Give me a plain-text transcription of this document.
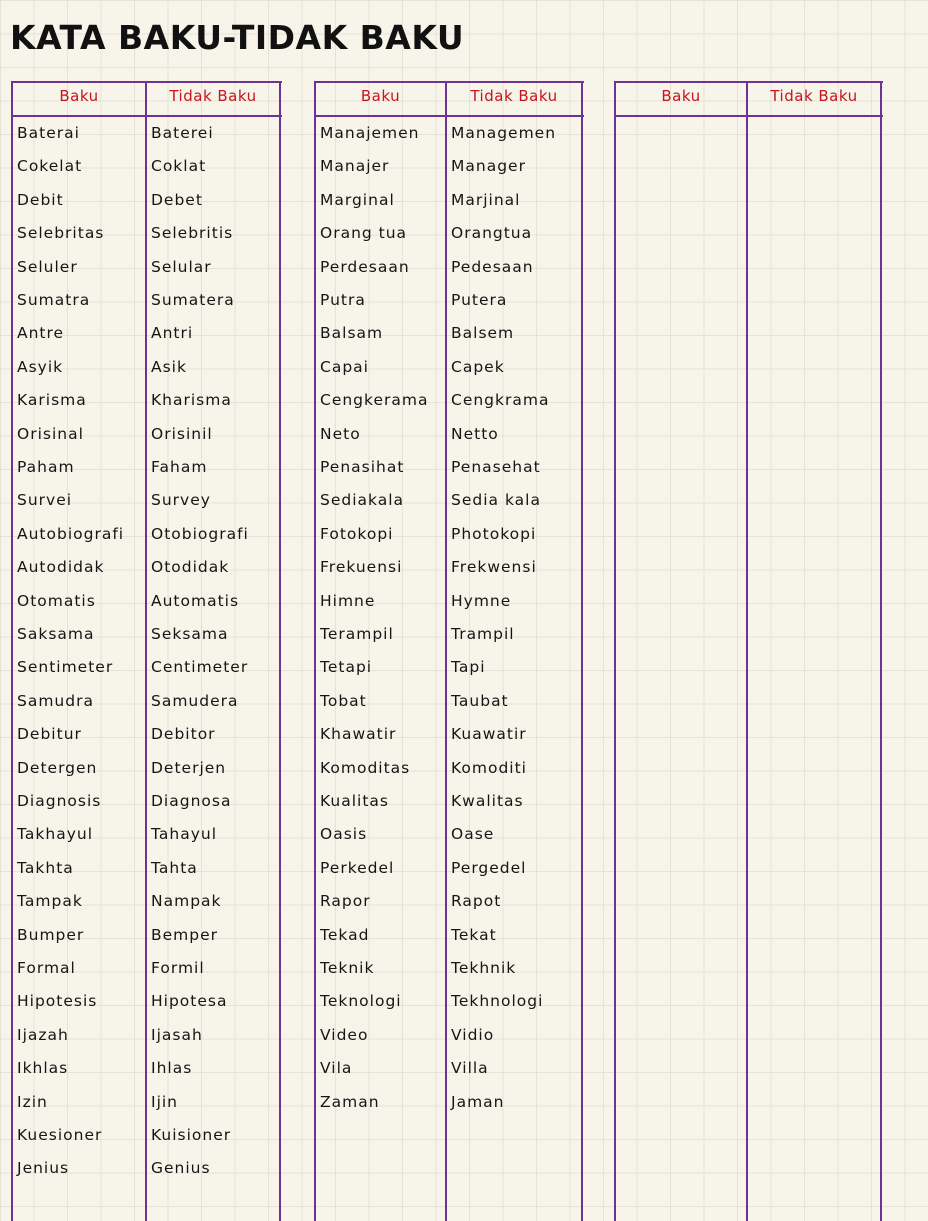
KATA BAKU-TIDAK BAKU
Baku	Tidak Baku
Baterai	Baterei
Cokelat	Coklat
Debit	Debet
Selebritas	Selebritis
Seluler	Selular
Sumatra	Sumatera
Antre	Antri
Asyik	Asik
Karisma	Kharisma
Orisinal	Orisinil
Paham	Faham
Survei	Survey
Autobiografi Otobiografi
Autodidak	Otodidak
Otomatis	Automatis
Saksama	Seksama
Sentimeter Centimeter
Samudra	Samudera
Debitur	Debitor
Detergen	Deterjen
Diagnosis	Diagnosa
Takhayul	Tahayul
Takhta	Tahta
Tampak	Nampak
Bumper	Bemper
Formal	Formil
Hipotesis	Hipotesa
Ijazah	Ijasah
Ikhlas	Ihlas
Izin	Ijin
Kuesioner	Kuisioner
Jenius	Genius
Baku	Tidak Baku
Manajemen Managemen
Manajer	Manager
Marginal	Marjinal
Orang tua	Orangtua
Perdesaan	Pedesaan
Putra	Putera
Balsam	Balsem
Capai	Capek
Cengkerama Cengkrama
Neto	Netto
Penasihat	Penasehat
Sediakala	Sedia kala
Fotokopi	Photokopi
Frekuensi	Frekwensi
Himne	Hymne
Terampil	Trampil
Tetapi	Tapi
Tobat	Taubat
Khawatir	Kuawatir
Komoditas	Komoditi
Kualitas	Kwalitas
Oasis	Oase
Perkedel	Pergedel
Rapor	Rapot
Tekad	Tekat
Teknik	Tekhnik
Teknologi	Tekhnologi
Video	Vidio
Vila	Villa
Zaman	Jaman
Baku	Tidak Baku
